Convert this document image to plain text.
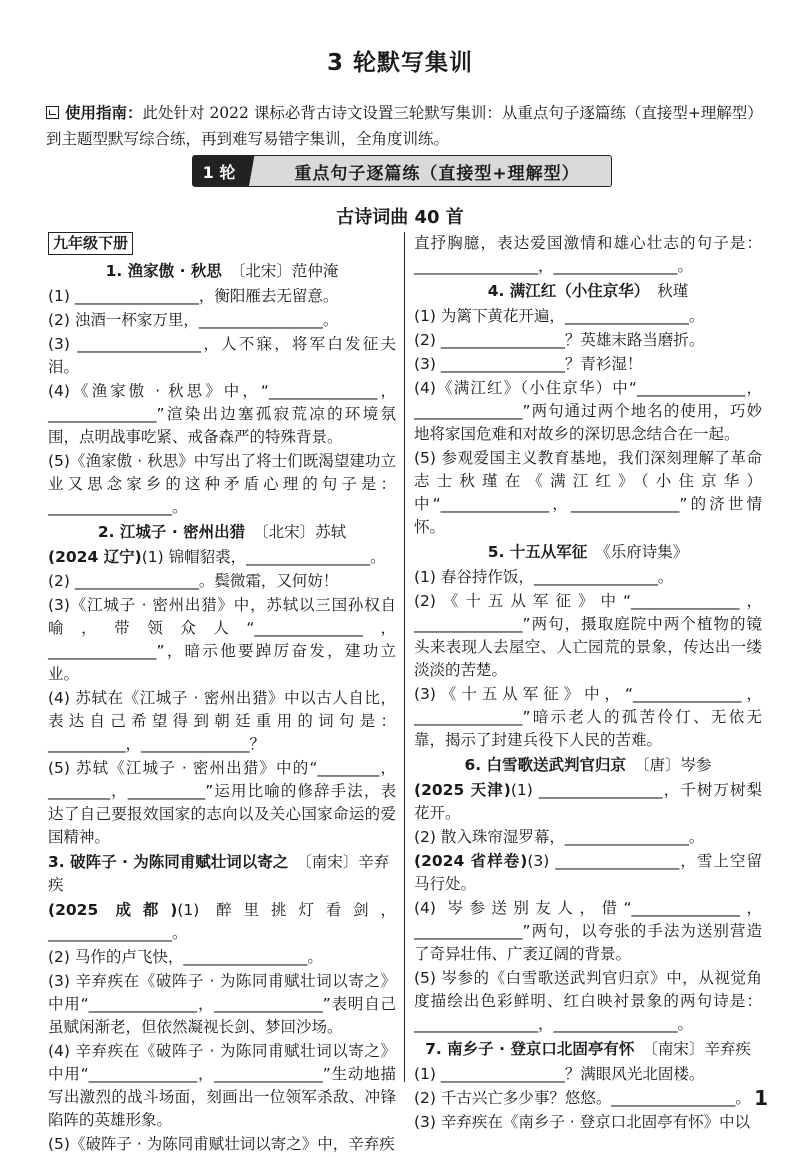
3 轮默写集训
使用指南：此处针对 2022 课标必背古诗文设置三轮默写集训：从重点句子逐篇练（直接型+理解型）到主题型默写综合练，再到难写易错字集训，全角度训练。
1 轮	重点句子逐篇练（直接型+理解型）
古诗词曲 40 首
九年级下册
1. 渔家傲 · 秋思 〔北宋〕范仲淹
(1) ________________，衡阳雁去无留意。
(2) 浊酒一杯家万里，________________。
(3) ________________，人不寐，将军白发征夫泪。
(4)《渔家傲 · 秋思》中，“______________，______________”渲染出边塞孤寂荒凉的环境氛围，点明战事吃紧、戒备森严的特殊背景。
(5)《渔家傲 · 秋思》中写出了将士们既渴望建功立业又思念家乡的这种矛盾心理的句子是：________________。
2. 江城子 · 密州出猎 〔北宋〕苏轼
(2024 辽宁)(1) 锦帽貂裘，________________。
(2) ________________。鬓微霜，又何妨！
(3)《江城子 · 密州出猎》中，苏轼以三国孙权自喻，带领众人“______________，______________”，暗示他要踔厉奋发，建功立业。
(4) 苏轼在《江城子 · 密州出猎》中以古人自比，表达自己希望得到朝廷重用的词句是：__________，______________？
(5) 苏轼《江城子 · 密州出猎》中的“________，________，__________”运用比喻的修辞手法，表达了自己要报效国家的志向以及关心国家命运的爱国精神。
3. 破阵子 · 为陈同甫赋壮词以寄之 〔南宋〕辛弃疾
(2025 成都)(1) 醉里挑灯看剑，________________。
(2) 马作的卢飞快，________________。
(3) 辛弃疾在《破阵子 · 为陈同甫赋壮词以寄之》中用“______________，______________”表明自己虽赋闲渐老，但依然凝视长剑、梦回沙场。
(4) 辛弃疾在《破阵子 · 为陈同甫赋壮词以寄之》中用“______________，______________”生动地描写出激烈的战斗场面，刻画出一位领军杀敌、冲锋陷阵的英雄形象。
(5)《破阵子 · 为陈同甫赋壮词以寄之》中，辛弃疾
直抒胸臆，表达爱国激情和雄心壮志的句子是：________________，________________。
4. 满江红（小住京华） 秋瑾
(1) 为篱下黄花开遍，________________。
(2) ________________？英雄末路当磨折。
(3) ________________？青衫湿！
(4)《满江红》（小住京华）中“______________，______________”两句通过两个地名的使用，巧妙地将家国危难和对故乡的深切思念结合在一起。
(5) 参观爱国主义教育基地，我们深刻理解了革命志士秋瑾在《满江红》（小住京华）中“______________，______________”的济世情怀。
5. 十五从军征 《乐府诗集》
(1) 春谷持作饭，________________。
(2)《十五从军征》中“______________，______________”两句，摄取庭院中两个植物的镜头来表现人去屋空、人亡园荒的景象，传达出一缕淡淡的苦楚。
(3)《十五从军征》中，“______________，______________”暗示老人的孤苦伶仃、无依无靠，揭示了封建兵役下人民的苦难。
6. 白雪歌送武判官归京 〔唐〕岑参
(2025 天津)(1) ________________，千树万树梨花开。
(2) 散入珠帘湿罗幕，________________。
(2024 省样卷)(3) ________________，雪上空留马行处。
(4) 岑参送别友人，借“______________，______________”两句，以夸张的手法为送别营造了奇异壮伟、广袤辽阔的背景。
(5) 岑参的《白雪歌送武判官归京》中，从视觉角度描绘出色彩鲜明、红白映衬景象的两句诗是：________________，________________。
7. 南乡子 · 登京口北固亭有怀 〔南宋〕辛弃疾
(1) ________________？满眼风光北固楼。
(2) 千古兴亡多少事？悠悠。________________。
(3) 辛弃疾在《南乡子 · 登京口北固亭有怀》中以
1
